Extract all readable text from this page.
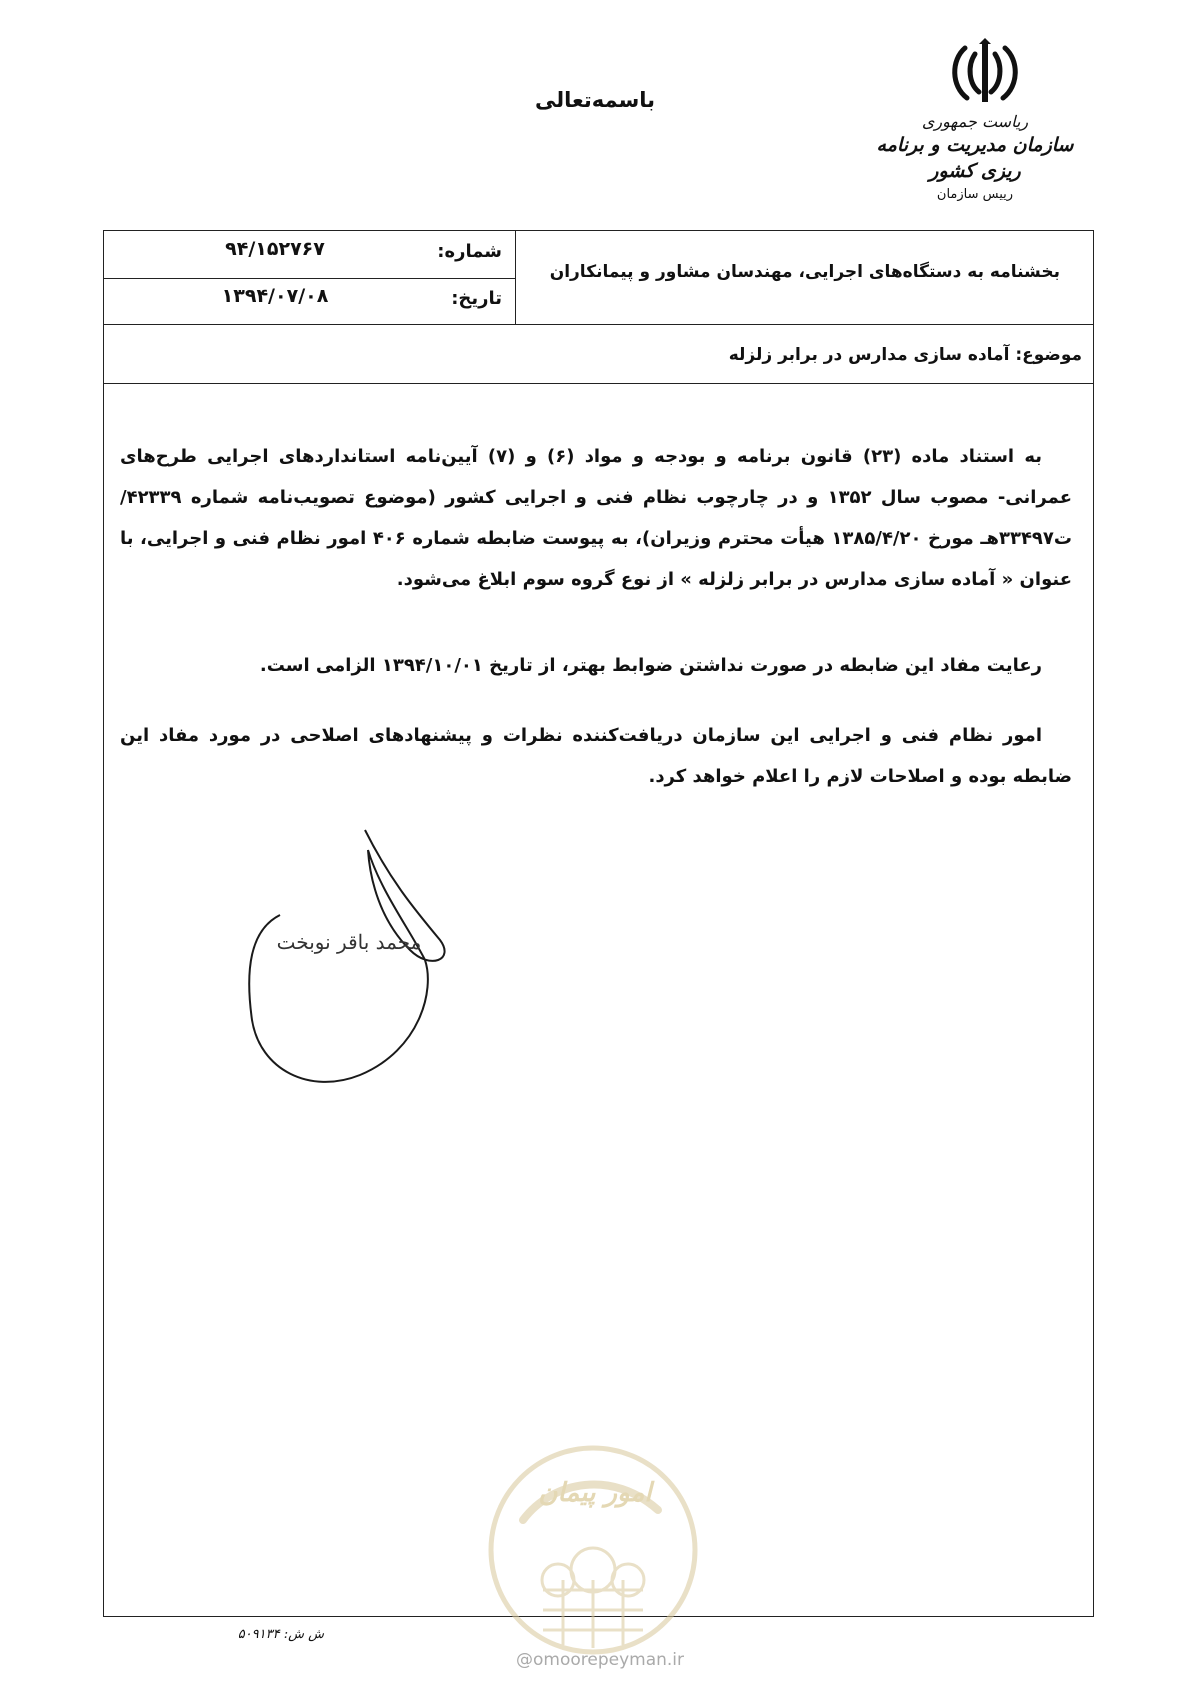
باسمه‌تعالی
ریاست جمهوری
سازمان مدیریت و برنامه ریزی کشور
رییس سازمان
شماره:
۹۴/۱۵۲۷۶۷
تاریخ:
۱۳۹۴/۰۷/۰۸
بخشنامه به دستگاه‌های اجرایی، مهندسان مشاور و پیمانکاران
موضوع: آماده سازی مدارس در برابر زلزله
به استناد ماده (۲۳) قانون برنامه و بودجه و مواد (۶) و (۷) آیین‌نامه استانداردهای اجرایی طرح‌های عمرانی- مصوب سال ۱۳۵۲ و در چارچوب نظام فنی و اجرایی کشور (موضوع تصویب‌نامه شماره ۴۲۳۳۹/ت۳۳۴۹۷هـ مورخ ۱۳۸۵/۴/۲۰ هیأت محترم وزیران)، به پیوست ضابطه شماره ۴۰۶ امور نظام فنی و اجرایی، با عنوان « آماده سازی مدارس در برابر زلزله » از نوع گروه سوم ابلاغ می‌شود.
رعایت مفاد این ضابطه در صورت نداشتن ضوابط بهتر، از تاریخ ۱۳۹۴/۱۰/۰۱ الزامی است.
امور نظام فنی و اجرایی این سازمان دریافت‌کننده نظرات و پیشنهادهای اصلاحی در مورد مفاد این ضابطه بوده و اصلاحات لازم را اعلام خواهد کرد.
محمد باقر نوبخت
امور پیمان
@omoorepeyman.ir
ش ش: ۵۰۹۱۳۴
